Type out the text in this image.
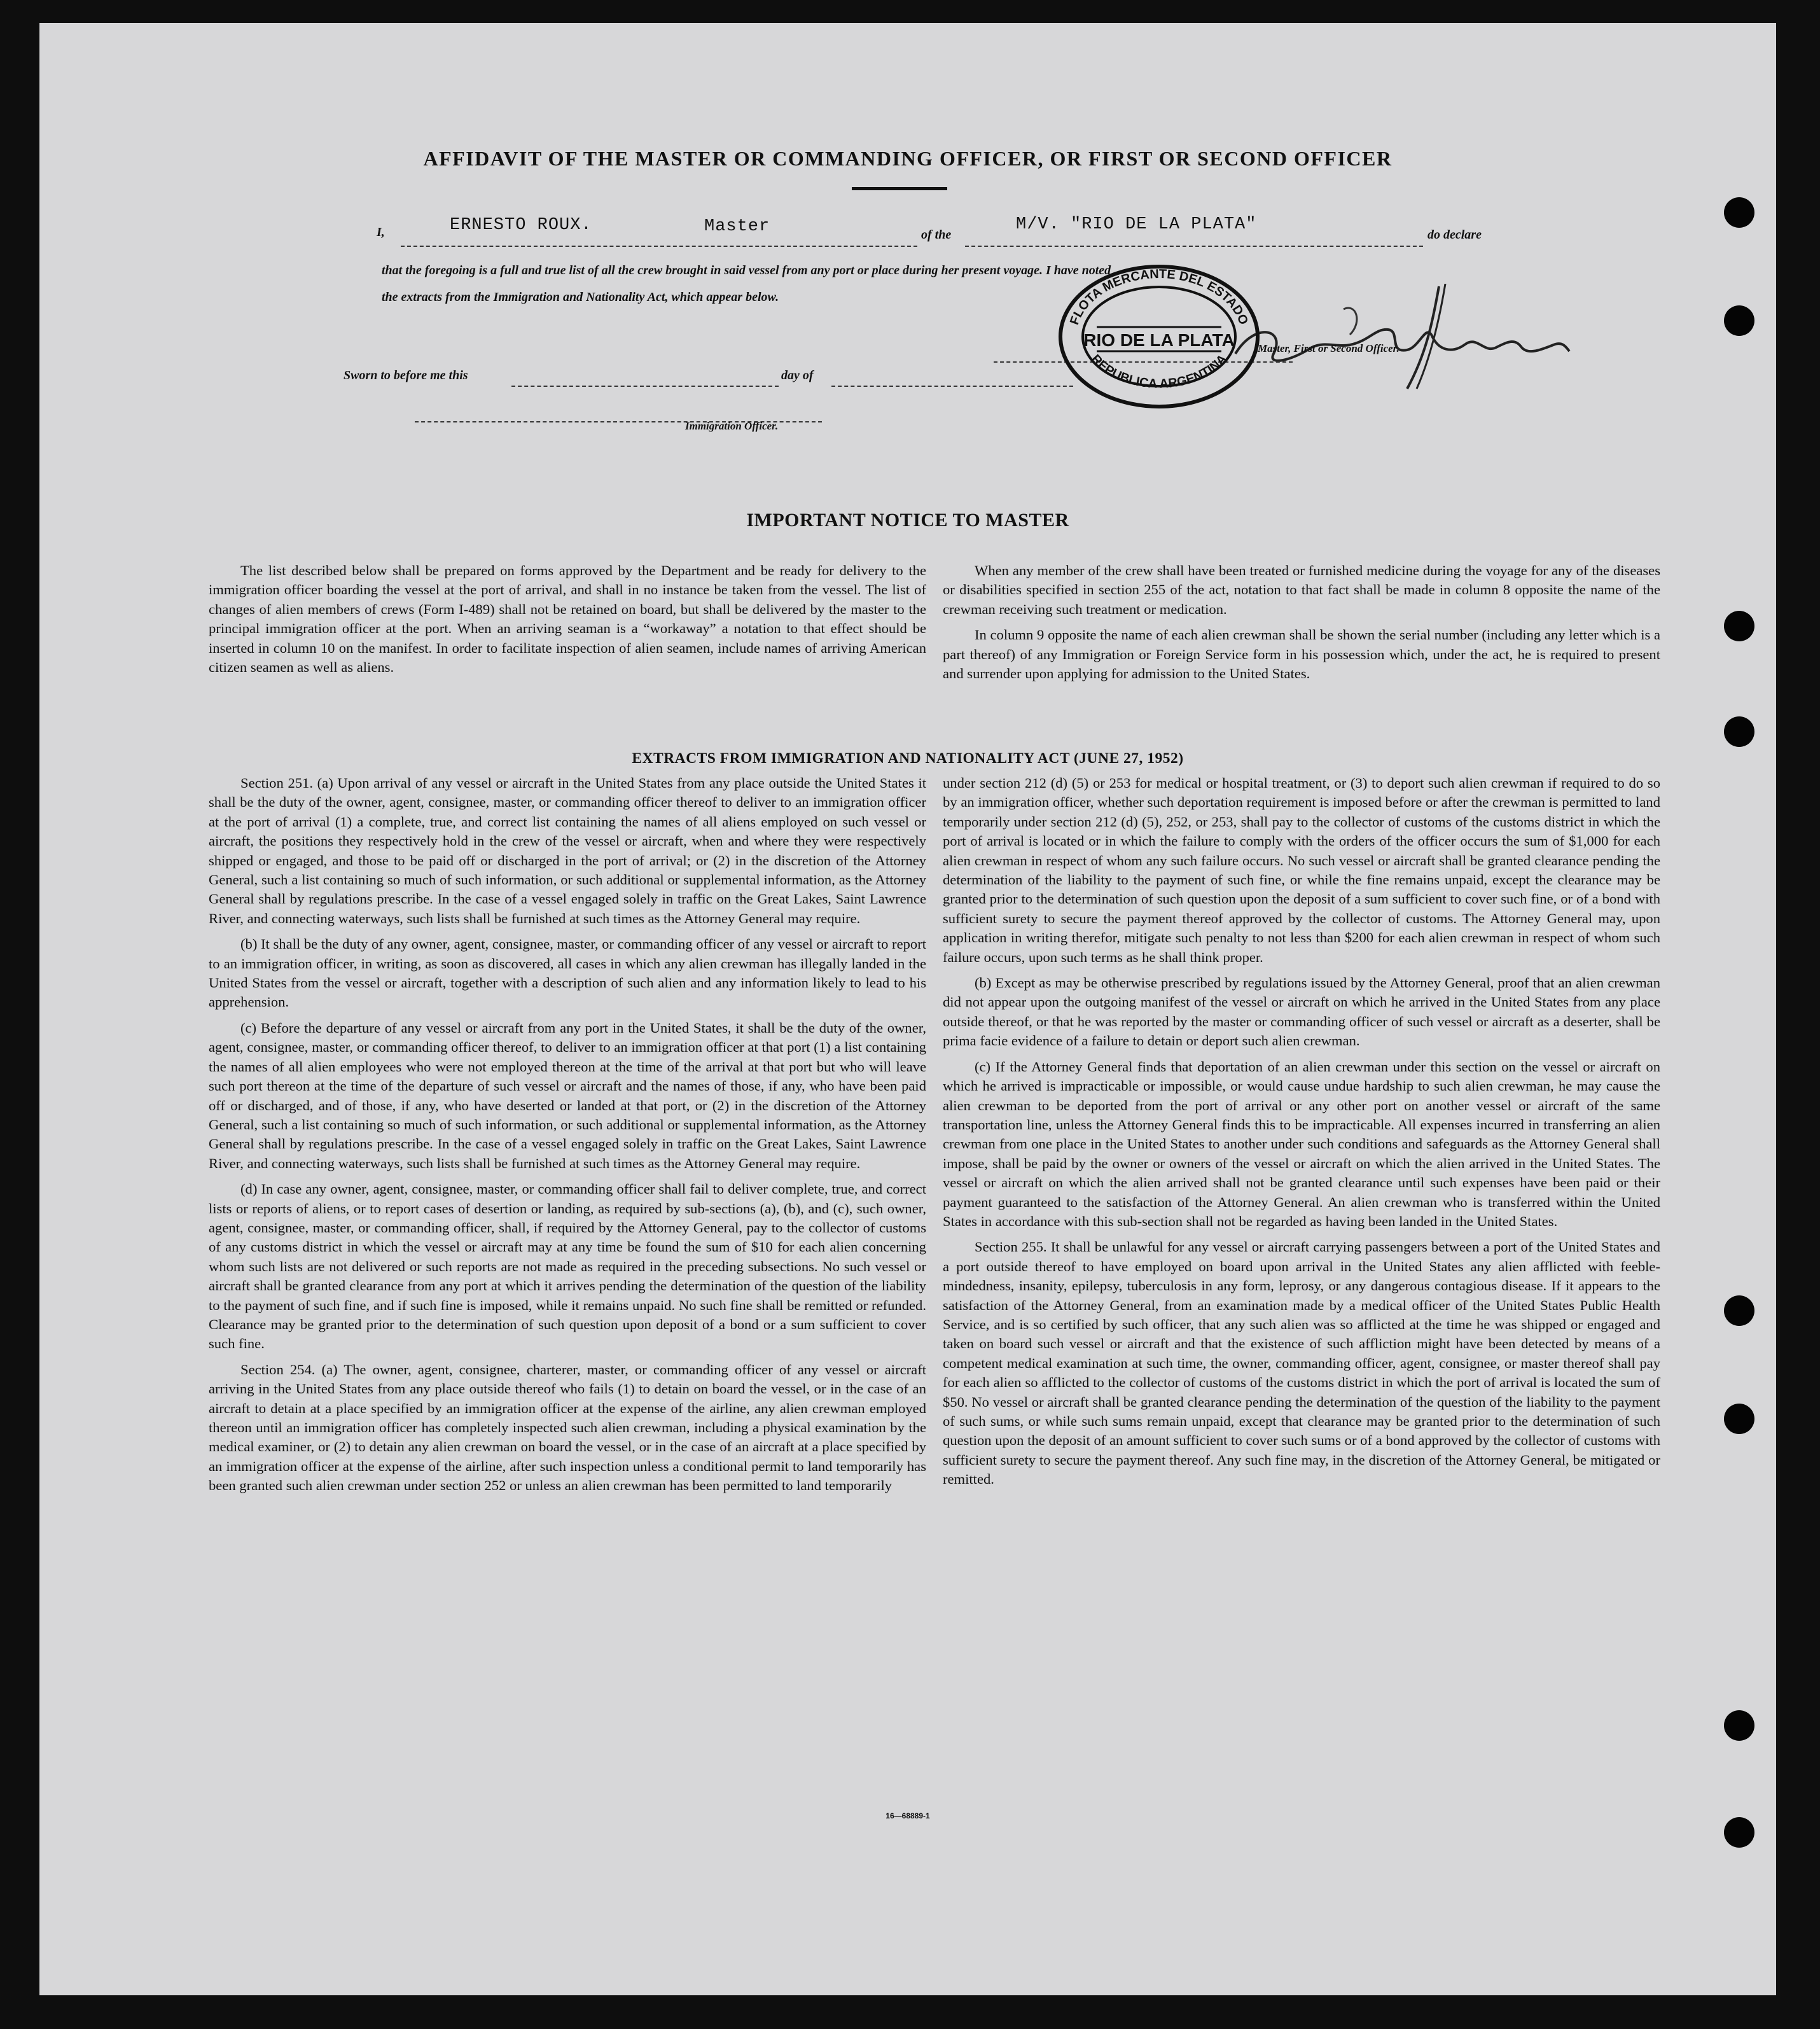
AFFIDAVIT OF THE MASTER OR COMMANDING OFFICER, OR FIRST OR SECOND OFFICER
I,	ERNESTO ROUX.	Master	of the
M/V. "RIO DE LA PLATA"
do declare
that the foregoing is a full and true list of all the crew brought in said vessel from any port or place during her present voyage. I have noted
the extracts from the Immigration and Nationality Act, which appear below.
Master, First or Second Officer.
FLOTA MERCANTE DEL ESTADO
REPUBLICA ARGENTINA
RIO DE LA PLATA
Sworn to before me this	day of
Immigration Officer.
IMPORTANT NOTICE TO MASTER

The list described below shall be prepared on forms approved by the Department and be ready for delivery to the immigration officer boarding the vessel at the port of arrival, and shall in no instance be taken from the vessel. The list of changes of alien members of crews (Form I-489) shall not be retained on board, but shall be delivered by the master to the principal immigration officer at the port. When an arriving seaman is a “workaway” a notation to that effect should be inserted in column 10 on the manifest. In order to facilitate inspection of alien seamen, include names of arriving American citizen seamen as well as aliens.

When any member of the crew shall have been treated or furnished medicine during the voyage for any of the diseases or disabilities specified in section 255 of the act, notation to that fact shall be made in column 8 opposite the name of the crewman receiving such treatment or medication.

In column 9 opposite the name of each alien crewman shall be shown the serial number (including any letter which is a part thereof) of any Immigration or Foreign Service form in his possession which, under the act, he is required to present and surrender upon applying for admission to the United States.

EXTRACTS FROM IMMIGRATION AND NATIONALITY ACT (JUNE 27, 1952)

Section 251. (a) Upon arrival of any vessel or aircraft in the United States from any place outside the United States it shall be the duty of the owner, agent, consignee, master, or commanding officer thereof to deliver to an immigration officer at the port of arrival (1) a complete, true, and correct list containing the names of all aliens employed on such vessel or aircraft, the positions they respectively hold in the crew of the vessel or aircraft, when and where they were respectively shipped or engaged, and those to be paid off or discharged in the port of arrival; or (2) in the discretion of the Attorney General, such a list containing so much of such information, or such additional or supplemental information, as the Attorney General shall by regulations prescribe. In the case of a vessel engaged solely in traffic on the Great Lakes, Saint Lawrence River, and connecting waterways, such lists shall be furnished at such times as the Attorney General may require.

(b) It shall be the duty of any owner, agent, consignee, master, or commanding officer of any vessel or aircraft to report to an immigration officer, in writing, as soon as discovered, all cases in which any alien crewman has illegally landed in the United States from the vessel or aircraft, together with a description of such alien and any information likely to lead to his apprehension.

(c) Before the departure of any vessel or aircraft from any port in the United States, it shall be the duty of the owner, agent, consignee, master, or commanding officer thereof, to deliver to an immigration officer at that port (1) a list containing the names of all alien employees who were not employed thereon at the time of the arrival at that port but who will leave such port thereon at the time of the departure of such vessel or aircraft and the names of those, if any, who have been paid off or discharged, and of those, if any, who have deserted or landed at that port, or (2) in the discretion of the Attorney General, such a list containing so much of such information, or such additional or supplemental information, as the Attorney General shall by regulations prescribe. In the case of a vessel engaged solely in traffic on the Great Lakes, Saint Lawrence River, and connecting waterways, such lists shall be furnished at such times as the Attorney General may require.

(d) In case any owner, agent, consignee, master, or commanding officer shall fail to deliver complete, true, and correct lists or reports of aliens, or to report cases of desertion or landing, as required by sub-sections (a), (b), and (c), such owner, agent, consignee, master, or commanding officer, shall, if required by the Attorney General, pay to the collector of customs of any customs district in which the vessel or aircraft may at any time be found the sum of $10 for each alien concerning whom such lists are not delivered or such reports are not made as required in the preceding subsections. No such vessel or aircraft shall be granted clearance from any port at which it arrives pending the determination of the question of the liability to the payment of such fine, and if such fine is imposed, while it remains unpaid. No such fine shall be remitted or refunded. Clearance may be granted prior to the determination of such question upon deposit of a bond or a sum sufficient to cover such fine.

Section 254. (a) The owner, agent, consignee, charterer, master, or commanding officer of any vessel or aircraft arriving in the United States from any place outside thereof who fails (1) to detain on board the vessel, or in the case of an aircraft to detain at a place specified by an immigration officer at the expense of the airline, any alien crewman employed thereon until an immigration officer has completely inspected such alien crewman, including a physical examination by the medical examiner, or (2) to detain any alien crewman on board the vessel, or in the case of an aircraft at a place specified by an immigration officer at the expense of the airline, after such inspection unless a conditional permit to land temporarily has been granted such alien crewman under section 252 or unless an alien crewman has been permitted to land temporarily

under section 212 (d) (5) or 253 for medical or hospital treatment, or (3) to deport such alien crewman if required to do so by an immigration officer, whether such deportation requirement is imposed before or after the crewman is permitted to land temporarily under section 212 (d) (5), 252, or 253, shall pay to the collector of customs of the customs district in which the port of arrival is located or in which the failure to comply with the orders of the officer occurs the sum of $1,000 for each alien crewman in respect of whom any such failure occurs. No such vessel or aircraft shall be granted clearance pending the determination of the liability to the payment of such fine, or while the fine remains unpaid, except the clearance may be granted prior to the determination of such question upon the deposit of a sum sufficient to cover such fine, or of a bond with sufficient surety to secure the payment thereof approved by the collector of customs. The Attorney General may, upon application in writing therefor, mitigate such penalty to not less than $200 for each alien crewman in respect of whom such failure occurs, upon such terms as he shall think proper.

(b) Except as may be otherwise prescribed by regulations issued by the Attorney General, proof that an alien crewman did not appear upon the outgoing manifest of the vessel or aircraft on which he arrived in the United States from any place outside thereof, or that he was reported by the master or commanding officer of such vessel or aircraft as a deserter, shall be prima facie evidence of a failure to detain or deport such alien crewman.

(c) If the Attorney General finds that deportation of an alien crewman under this section on the vessel or aircraft on which he arrived is impracticable or impossible, or would cause undue hardship to such alien crewman, he may cause the alien crewman to be deported from the port of arrival or any other port on another vessel or aircraft of the same transportation line, unless the Attorney General finds this to be impracticable. All expenses incurred in transferring an alien crewman from one place in the United States to another under such conditions and safeguards as the Attorney General shall impose, shall be paid by the owner or owners of the vessel or aircraft on which the alien arrived in the United States. The vessel or aircraft on which the alien arrived shall not be granted clearance until such expenses have been paid or their payment guaranteed to the satisfaction of the Attorney General. An alien crewman who is transferred within the United States in accordance with this sub-section shall not be regarded as having been landed in the United States.

Section 255. It shall be unlawful for any vessel or aircraft carrying passengers between a port of the United States and a port outside thereof to have employed on board upon arrival in the United States any alien afflicted with feeble-mindedness, insanity, epilepsy, tuberculosis in any form, leprosy, or any dangerous contagious disease. If it appears to the satisfaction of the Attorney General, from an examination made by a medical officer of the United States Public Health Service, and is so certified by such officer, that any such alien was so afflicted at the time he was shipped or engaged and taken on board such vessel or aircraft and that the existence of such affliction might have been detected by means of a competent medical examination at such time, the owner, commanding officer, agent, consignee, or master thereof shall pay for each alien so afflicted to the collector of customs of the customs district in which the port of arrival is located the sum of $50. No vessel or aircraft shall be granted clearance pending the determination of the question of the liability to the payment of such sums, or while such sums remain unpaid, except that clearance may be granted prior to the determination of such question upon the deposit of an amount sufficient to cover such sums or of a bond approved by the collector of customs with sufficient surety to secure the payment thereof. Any such fine may, in the discretion of the Attorney General, be mitigated or remitted.

16—68889-1
